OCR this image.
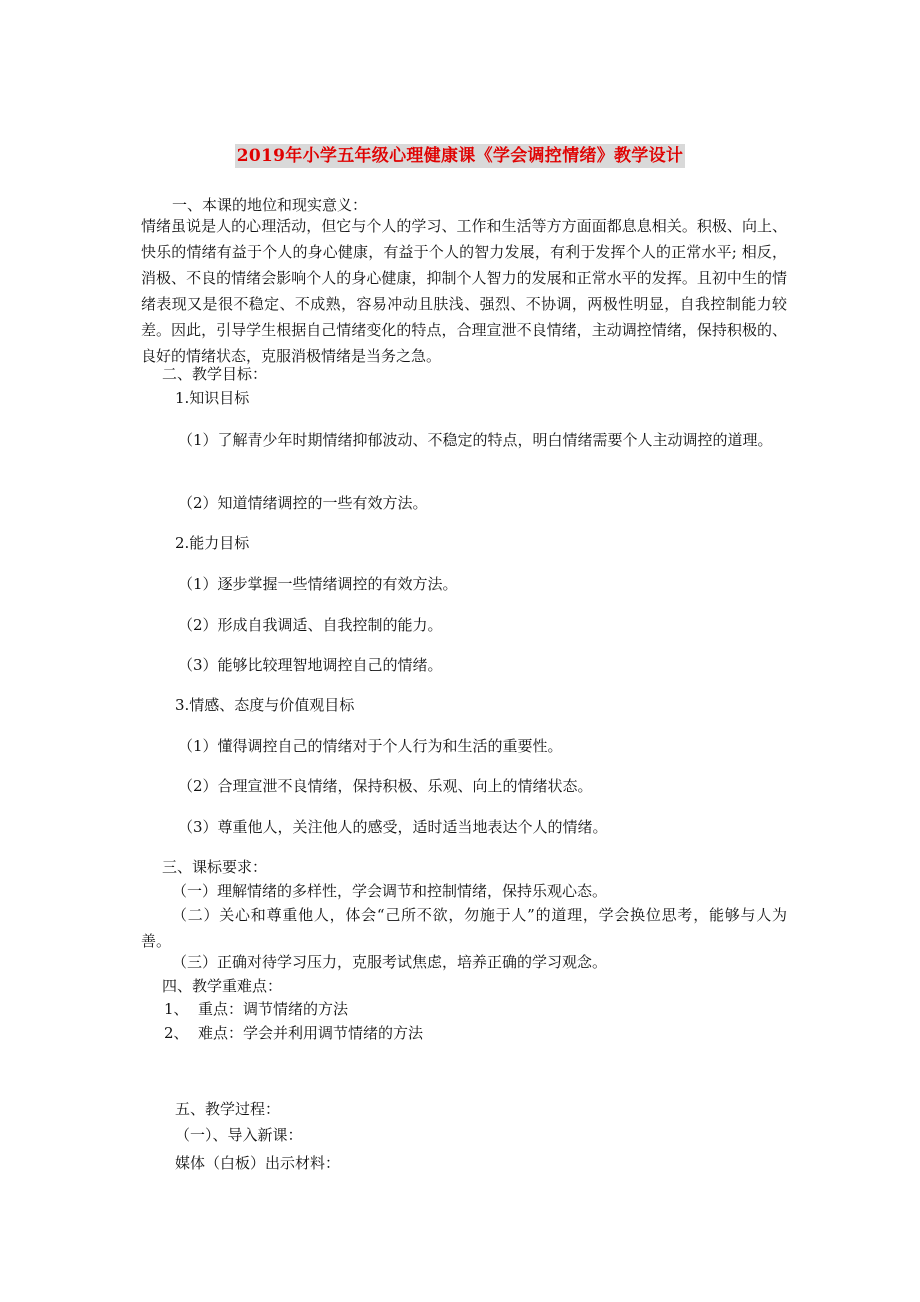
2019年小学五年级心理健康课《学会调控情绪》教学设计
一、本课的地位和现实意义：
情绪虽说是人的心理活动，但它与个人的学习、工作和生活等方方面面都息息相关。积极、向上、快乐的情绪有益于个人的身心健康，有益于个人的智力发展，有利于发挥个人的正常水平; 相反，消极、不良的情绪会影响个人的身心健康，抑制个人智力的发展和正常水平的发挥。且初中生的情绪表现又是很不稳定、不成熟，容易冲动且肤浅、强烈、不协调，两极性明显，自我控制能力较差。因此，引导学生根据自己情绪变化的特点，合理宣泄不良情绪，主动调控情绪，保持积极的、良好的情绪状态，克服消极情绪是当务之急。
二、教学目标：
1.知识目标
（1）了解青少年时期情绪抑郁波动、不稳定的特点，明白情绪需要个人主动调控的道理。
（2）知道情绪调控的一些有效方法。
2.能力目标
（1）逐步掌握一些情绪调控的有效方法。
（2）形成自我调适、自我控制的能力。
（3）能够比较理智地调控自己的情绪。
3.情感、态度与价值观目标
（1）懂得调控自己的情绪对于个人行为和生活的重要性。
（2）合理宣泄不良情绪，保持积极、乐观、向上的情绪状态。
（3）尊重他人，关注他人的感受，适时适当地表达个人的情绪。
三、课标要求：
（一）理解情绪的多样性，学会调节和控制情绪，保持乐观心态。
（二）关心和尊重他人，体会“己所不欲，勿施于人”的道理，学会换位思考，能够与人为善。
（三）正确对待学习压力，克服考试焦虑，培养正确的学习观念。
四、教学重难点：
1、 重点：调节情绪的方法
2、 难点：学会并利用调节情绪的方法
五、教学过程：
（一）、导入新课：
媒体（白板）出示材料：
